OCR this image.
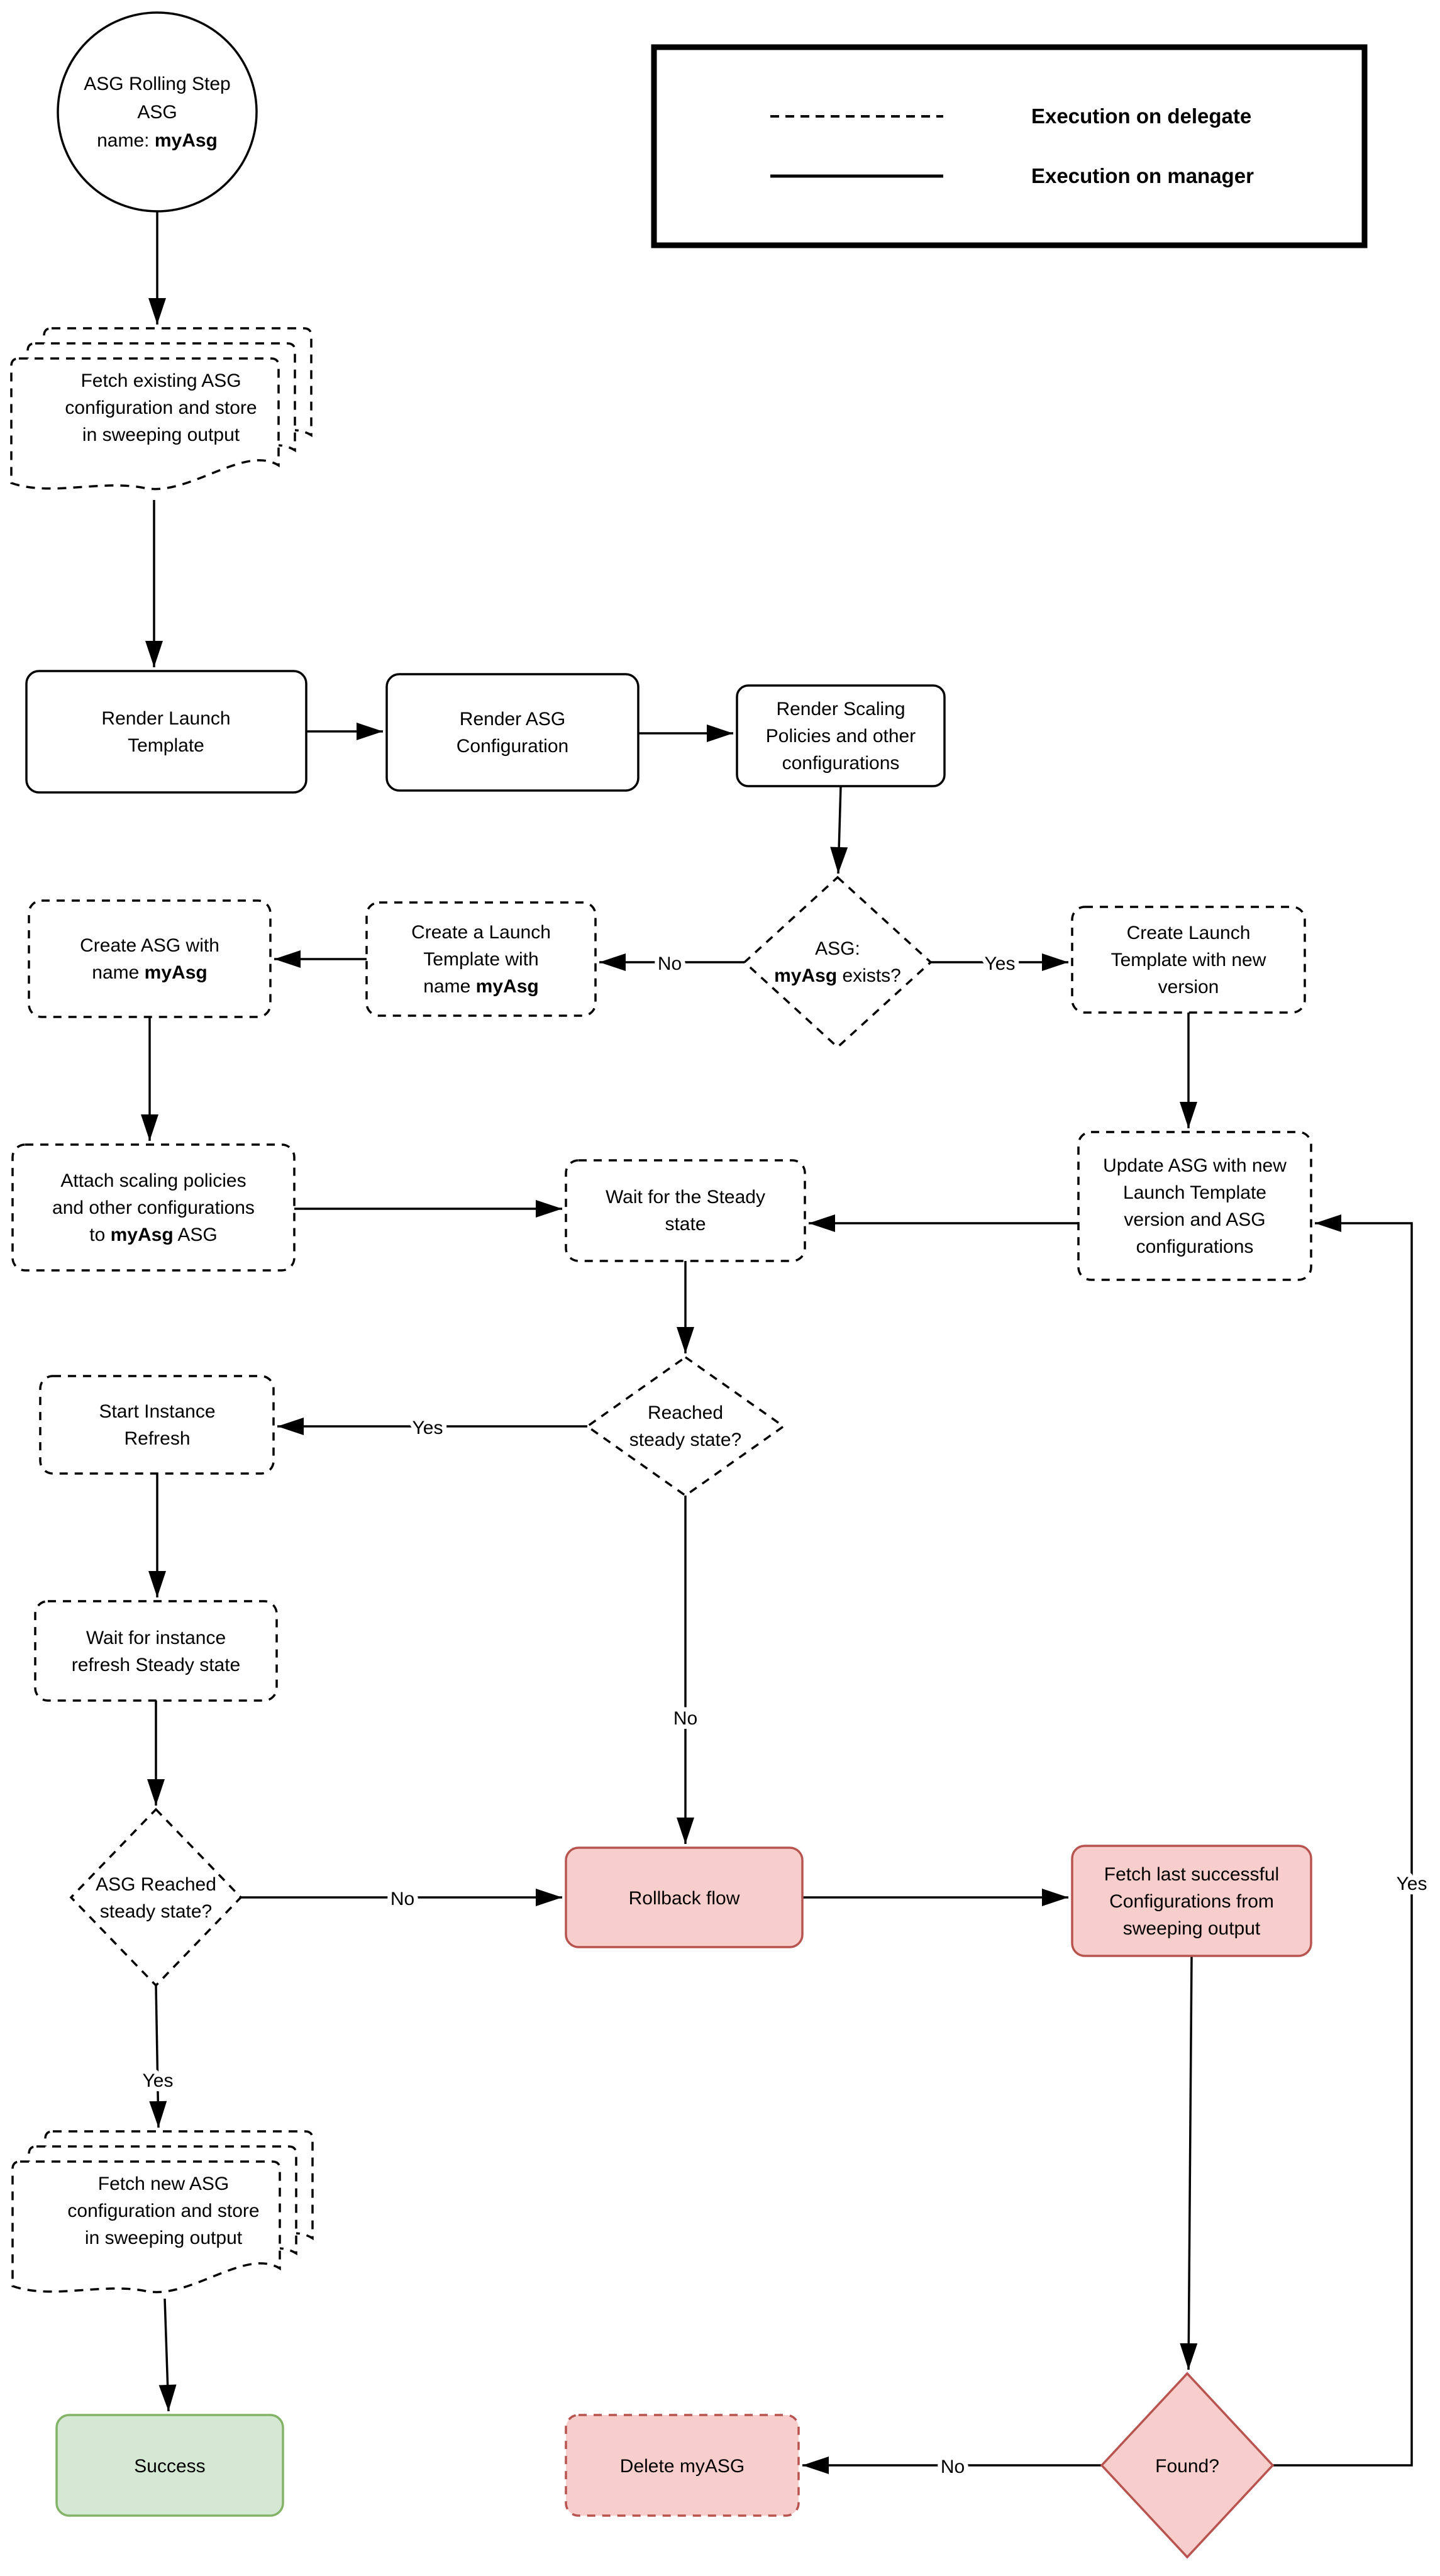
No	Yes
Yes
No
No
Yes
No
Yes
Execution on delegate
Execution on manager
ASG Rolling Step
ASG
name: myAsg
Fetch existing ASG
configuration and store
in sweeping output
Render Launch
Template
Render ASG
Configuration
Render Scaling
Policies and other
configurations
ASG:
myAsg exists?
Create a Launch
Template with
name myAsg
Create ASG with
name myAsg
Create Launch
Template with new
version
Attach scaling policies
and other configurations
to myAsg ASG
Wait for the Steady
state
Update ASG with new
Launch Template
version and ASG
configurations
Reached
steady state?
Start Instance
Refresh
Wait for instance
refresh Steady state
ASG Reached
steady state?
Rollback flow
Fetch last successful
Configurations from
sweeping output
Fetch new ASG
configuration and store
in sweeping output
Success	Delete myASG	Found?
